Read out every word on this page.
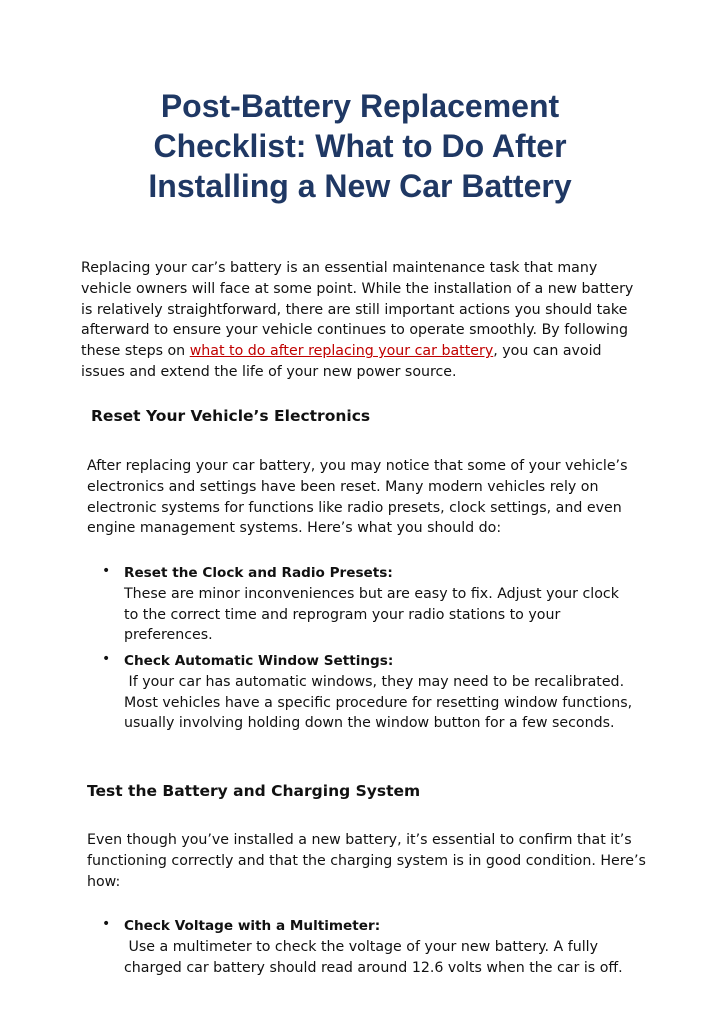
Post-Battery Replacement
Checklist: What to Do After
Installing a New Car Battery

Replacing your car’s battery is an essential maintenance task that many vehicle owners will face at some point. While the installation of a new battery is relatively straightforward, there are still important actions you should take afterward to ensure your vehicle continues to operate smoothly. By following these steps on what to do after replacing your car battery, you can avoid issues and extend the life of your new power source.

Reset Your Vehicle’s Electronics

After replacing your car battery, you may notice that some of your vehicle’s electronics and settings have been reset. Many modern vehicles rely on electronic systems for functions like radio presets, clock settings, and even engine management systems. Here’s what you should do:

• Reset the Clock and Radio Presets:
These are minor inconveniences but are easy to fix. Adjust your clock to the correct time and reprogram your radio stations to your preferences.
• Check Automatic Window Settings:
If your car has automatic windows, they may need to be recalibrated. Most vehicles have a specific procedure for resetting window functions, usually involving holding down the window button for a few seconds.
Test the Battery and Charging System

Even though you’ve installed a new battery, it’s essential to confirm that it’s functioning correctly and that the charging system is in good condition. Here’s how:

• Check Voltage with a Multimeter:
Use a multimeter to check the voltage of your new battery. A fully charged car battery should read around 12.6 volts when the car is off.
